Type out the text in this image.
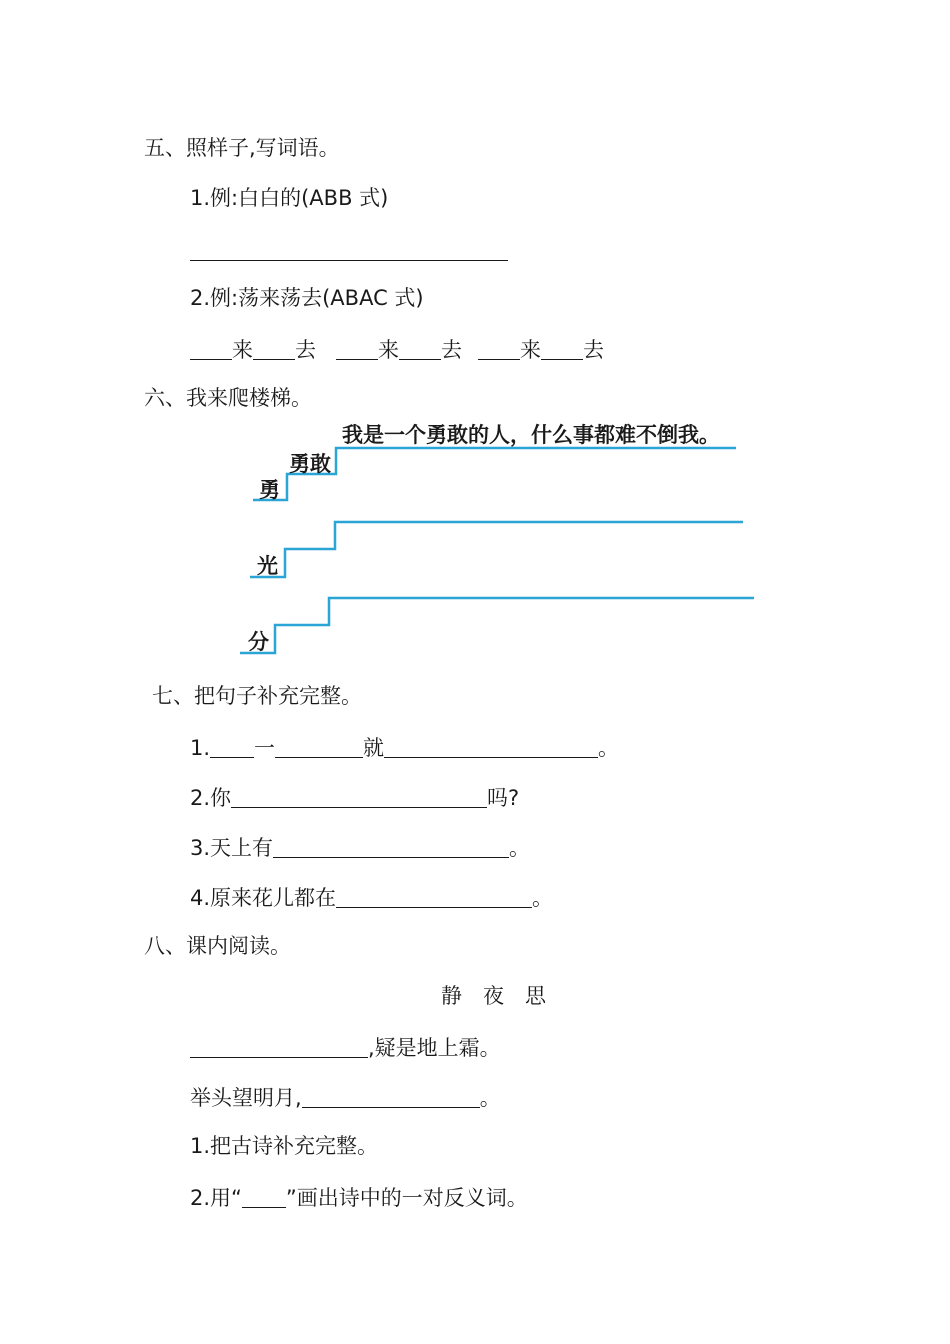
五、照样子,写词语。
1.例:白白的(ABB 式)
2.例:荡来荡去(ABAC 式)
来 去	来 去	来 去
六、我来爬楼梯。
我是一个勇敢的人，什么事都难不倒我。
勇敢
勇
光
分
七、把句子补充完整。
1. 一	就	。
2.你	吗?
3.天上有	。
4.原来花儿都在	。
八、课内阅读。
静　夜　思
,疑是地上霜。
举头望明月,	。
1.把古诗补充完整。
2.用“ ”画出诗中的一对反义词。
